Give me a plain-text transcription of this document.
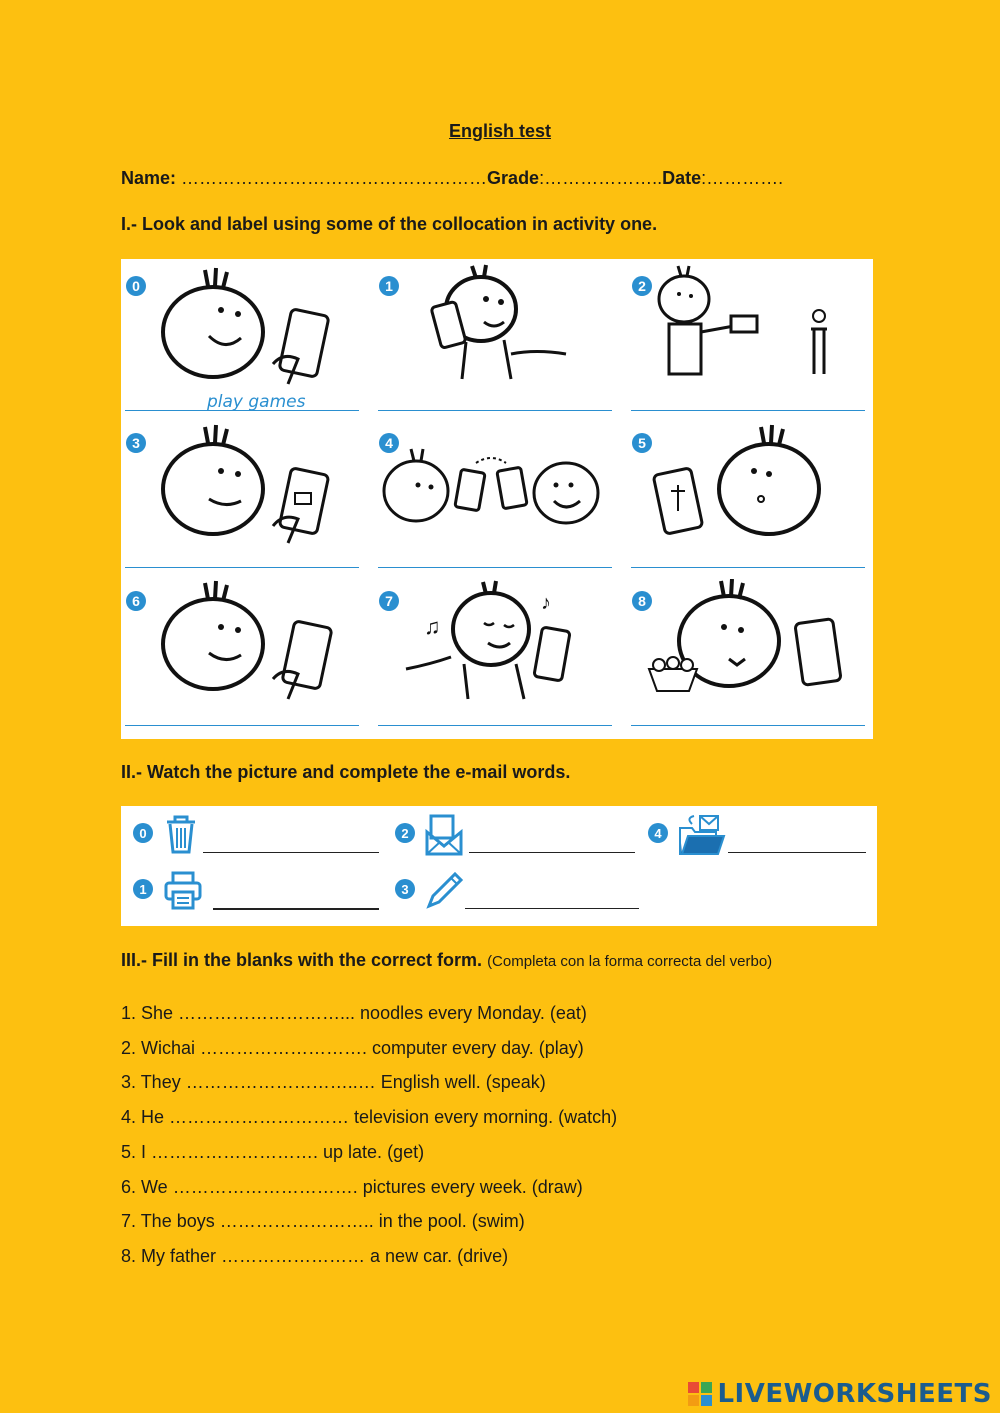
English test
Name: ……………………………………………Grade:………………..Date:………….
I.- Look and label using some of the collocation in activity one.
0
play games
1	2
3	4	5
6	7
♫
♪	8
II.- Watch the picture and complete the e-mail words.
0
1
2
3
4
III.- Fill in the blanks with the correct form. (Completa con la forma correcta del verbo)
1. She ………………………... noodles every Monday. (eat)
2. Wichai ………………………. computer every day. (play)
3. They ………………………..… English well. (speak)
4. He ………………………… television every morning. (watch)
5. I ………………………. up late. (get)
6. We …………………………. pictures every week. (draw)
7. The boys …………………….. in the pool. (swim)
8. My father …………………… a new car. (drive)
LIVEWORKSHEETS
